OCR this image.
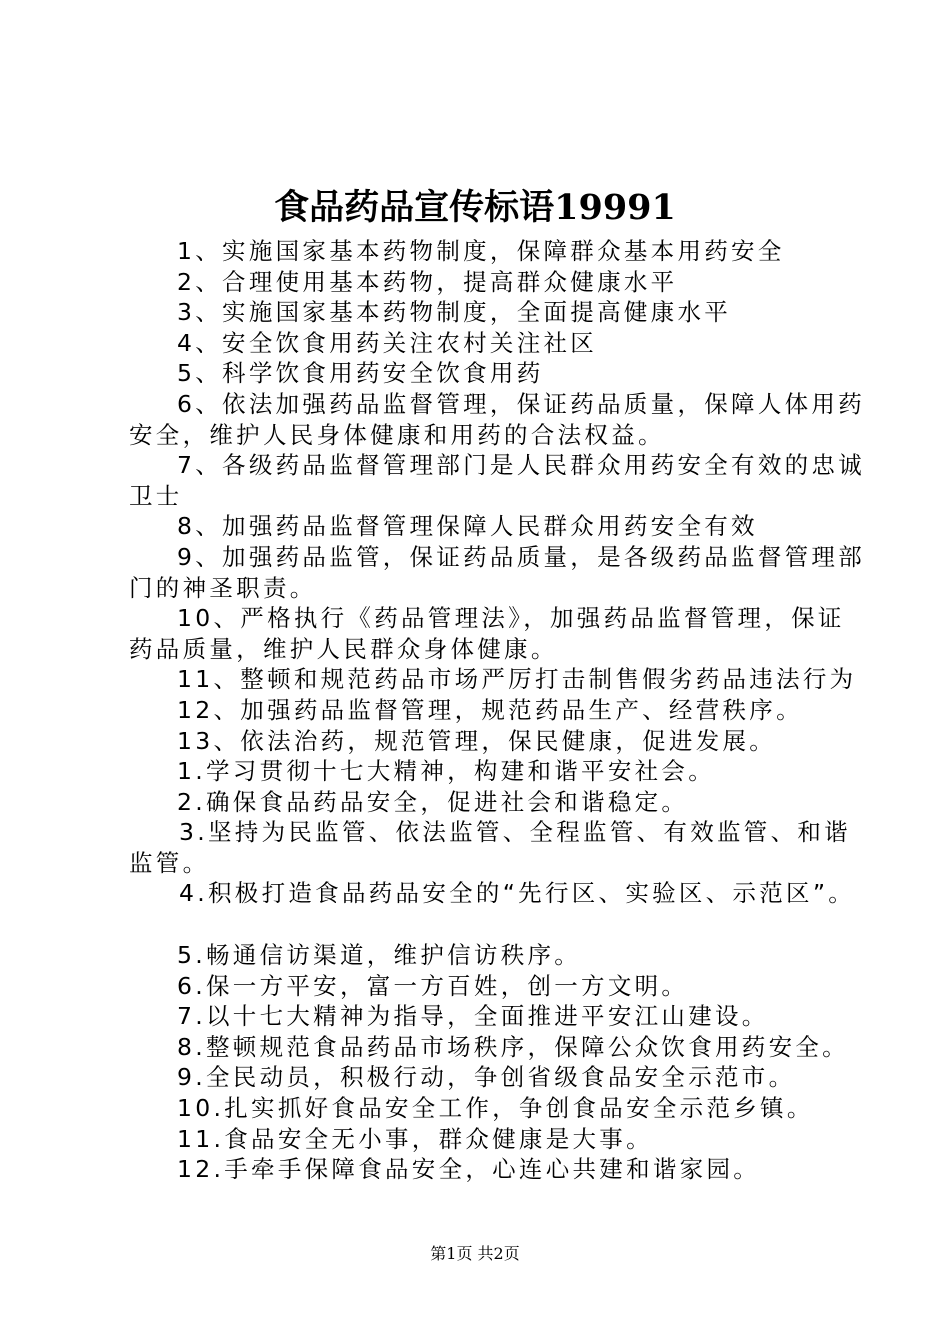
食品药品宣传标语19991
1、实施国家基本药物制度，保障群众基本用药安全
2、合理使用基本药物，提高群众健康水平
3、实施国家基本药物制度，全面提高健康水平
4、安全饮食用药关注农村关注社区
5、科学饮食用药安全饮食用药
6、依法加强药品监督管理，保证药品质量，保障人体用药
安全，维护人民身体健康和用药的合法权益。
7、各级药品监督管理部门是人民群众用药安全有效的忠诚
卫士
8、加强药品监督管理保障人民群众用药安全有效
9、加强药品监管，保证药品质量，是各级药品监督管理部
门的神圣职责。
10、严格执行《药品管理法》，加强药品监督管理，保证
药品质量，维护人民群众身体健康。
11、整顿和规范药品市场严厉打击制售假劣药品违法行为
12、加强药品监督管理，规范药品生产、经营秩序。
13、依法治药，规范管理，保民健康，促进发展。
1.学习贯彻十七大精神，构建和谐平安社会。
2.确保食品药品安全，促进社会和谐稳定。
3.坚持为民监管、依法监管、全程监管、有效监管、和谐
监管。
4.积极打造食品药品安全的“先行区、实验区、示范区”。
5.畅通信访渠道，维护信访秩序。
6.保一方平安，富一方百姓，创一方文明。
7.以十七大精神为指导，全面推进平安江山建设。
8.整顿规范食品药品市场秩序，保障公众饮食用药安全。
9.全民动员，积极行动，争创省级食品安全示范市。
10.扎实抓好食品安全工作，争创食品安全示范乡镇。
11.食品安全无小事，群众健康是大事。
12.手牵手保障食品安全，心连心共建和谐家园。
第1页 共2页
